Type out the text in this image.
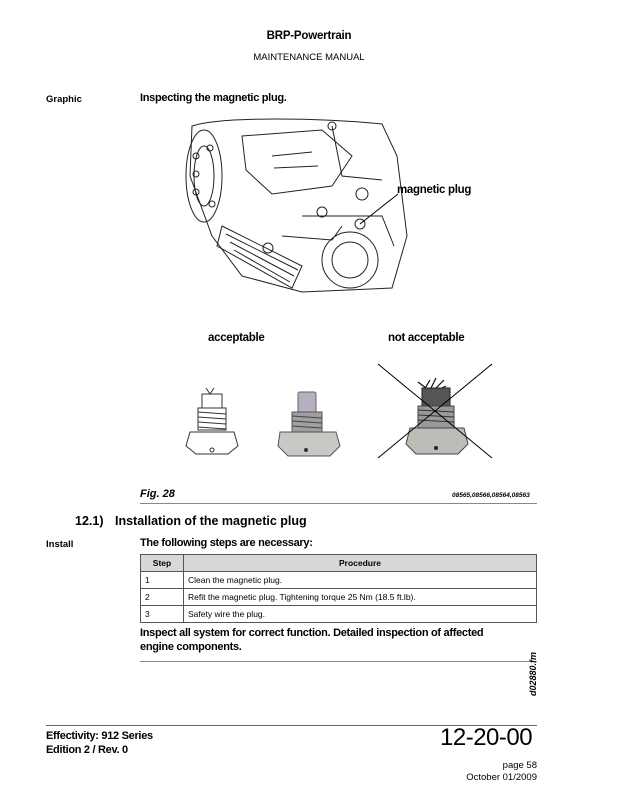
BRP-Powertrain
MAINTENANCE MANUAL
Graphic	Inspecting the magnetic plug.
magnetic plug
acceptable	not acceptable
Fig. 28	08565,08566,08564,08563
12.1) Installation of the magnetic plug
Install	The following steps are necessary:
Step	Procedure
1	Clean the magnetic plug.
2	Refit the magnetic plug. Tightening torque 25 Nm (18.5 ft.lb).
3	Safety wire the plug.
Inspect all system for correct function. Detailed inspection of affected
engine components.
d02880.fm
Effectivity: 912 Series
Edition 2 / Rev. 0	12-20-00
page 58
October 01/2009
